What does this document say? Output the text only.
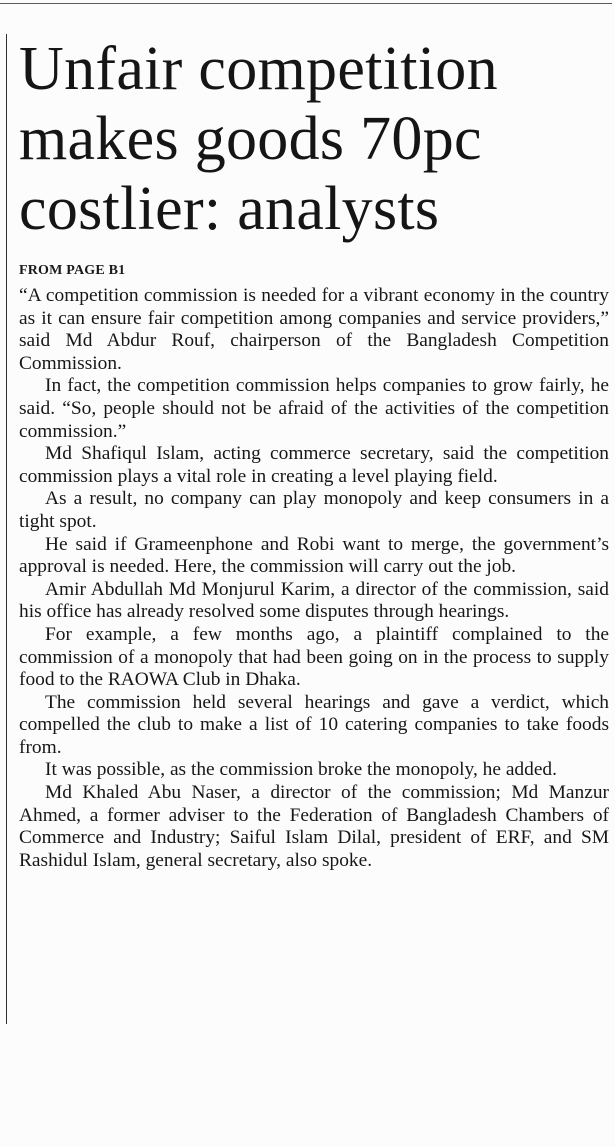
Unfair competition makes goods 70pc costlier: analysts
FROM PAGE B1

“A competition commission is needed for a vibrant economy in the country as it can ensure fair competition among companies and service providers,” said Md Abdur Rouf, chairperson of the Bangladesh Competition Commission.

In fact, the competition commission helps companies to grow fairly, he said. “So, people should not be afraid of the activities of the competition commission.”

Md Shafiqul Islam, acting commerce secretary, said the competition commission plays a vital role in creating a level playing field.

As a result, no company can play monopoly and keep consumers in a tight spot.

He said if Grameenphone and Robi want to merge, the government’s approval is needed. Here, the commission will carry out the job.

Amir Abdullah Md Monjurul Karim, a director of the commission, said his office has already resolved some disputes through hearings.

For example, a few months ago, a plaintiff complained to the commission of a monopoly that had been going on in the process to supply food to the RAOWA Club in Dhaka.

The commission held several hearings and gave a verdict, which compelled the club to make a list of 10 catering companies to take foods from.

It was possible, as the commission broke the monopoly, he added.

Md Khaled Abu Naser, a director of the commission; Md Manzur Ahmed, a former adviser to the Federation of Bangladesh Chambers of Commerce and Industry; Saiful Islam Dilal, president of ERF, and SM Rashidul Islam, general secretary, also spoke.
